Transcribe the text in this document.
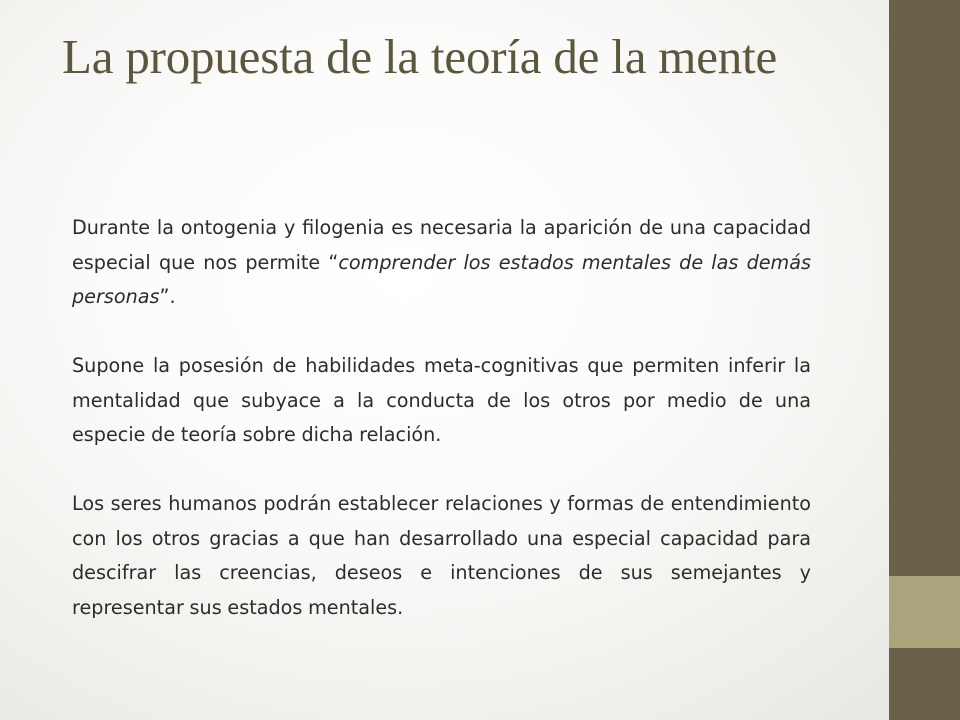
La propuesta de la teoría de la mente

Durante la ontogenia y filogenia es necesaria la aparición de una capacidad especial que nos permite “comprender los estados mentales de las demás personas”.

Supone la posesión de habilidades meta-cognitivas que permiten inferir la mentalidad que subyace a la conducta de los otros por medio de una especie de teoría sobre dicha relación.

Los seres humanos podrán establecer relaciones y formas de entendimiento con los otros gracias a que han desarrollado una especial capacidad para descifrar las creencias, deseos e intenciones de sus semejantes y representar sus estados mentales.
